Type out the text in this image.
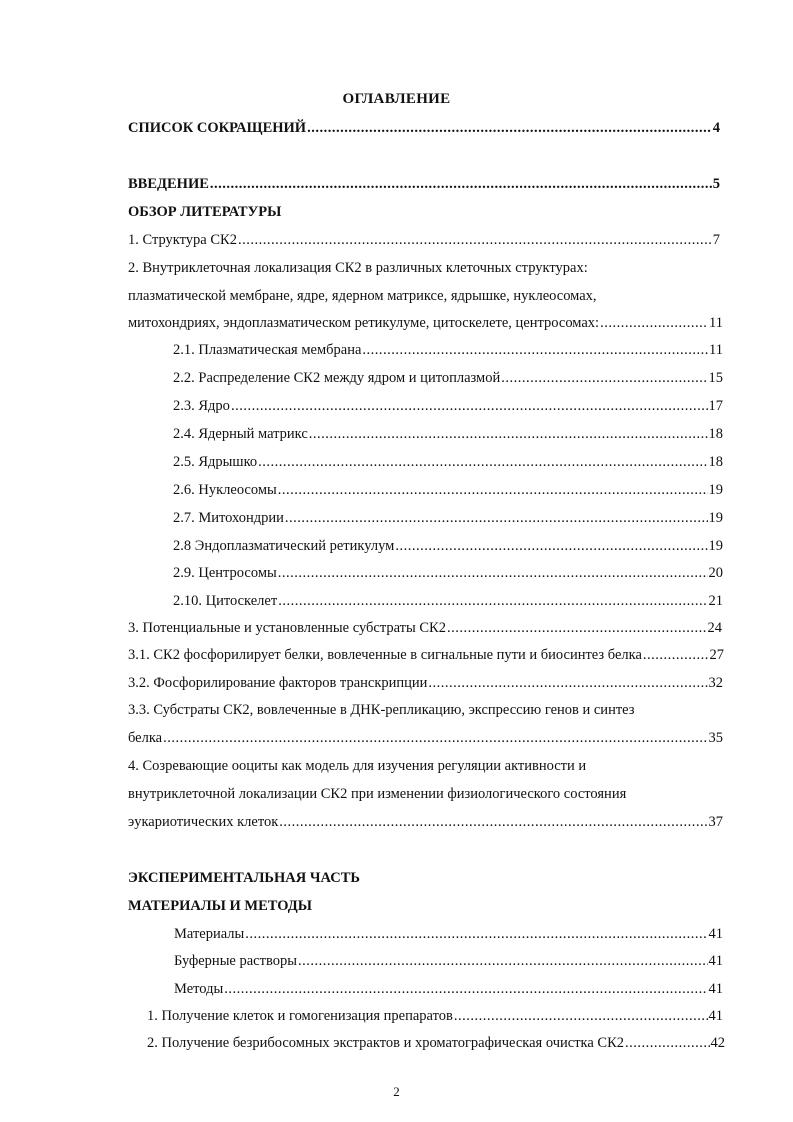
ОГЛАВЛЕНИЕ
СПИСОК СОКРАЩЕНИЙ .....	4
ВВЕДЕНИЕ .....	5
ОБЗОР ЛИТЕРАТУРЫ
1. Структура СК2 .....	7
2. Внутриклеточная локализация СК2 в различных клеточных структурах:
плазматической мембране, ядре, ядерном матриксе, ядрышке, нуклеосомах,
митохондриях, эндоплазматическом ретикулуме, цитоскелете, центросомах: .....	11
2.1. Плазматическая мембрана .....	11
2.2. Распределение СК2 между ядром и цитоплазмой .....	15
2.3. Ядро .....	17
2.4. Ядерный матрикс .....	18
2.5. Ядрышко .....	18
2.6. Нуклеосомы .....	19
2.7. Митохондрии .....	19
2.8 Эндоплазматический ретикулум .....	19
2.9. Центросомы .....	20
2.10. Цитоскелет .....	21
3. Потенциальные и установленные субстраты СК2 .....	24
3.1. СК2 фосфорилирует белки, вовлеченные в сигнальные пути и биосинтез белка .....	27
3.2. Фосфорилирование факторов транскрипции .....	32
3.3. Субстраты СК2, вовлеченные в ДНК-репликацию, экспрессию генов и синтез
белка .....	35
4. Созревающие ооциты как модель для изучения регуляции активности и
внутриклеточной локализации СК2 при изменении физиологического состояния
эукариотических клеток .....	37
ЭКСПЕРИМЕНТАЛЬНАЯ ЧАСТЬ
МАТЕРИАЛЫ И МЕТОДЫ
Материалы .....	41
Буферные растворы .....	41
Методы .....	41
1. Получение клеток и гомогенизация препаратов .....	41
2. Получение безрибосомных экстрактов и хроматографическая очистка СК2 .....	42
2
